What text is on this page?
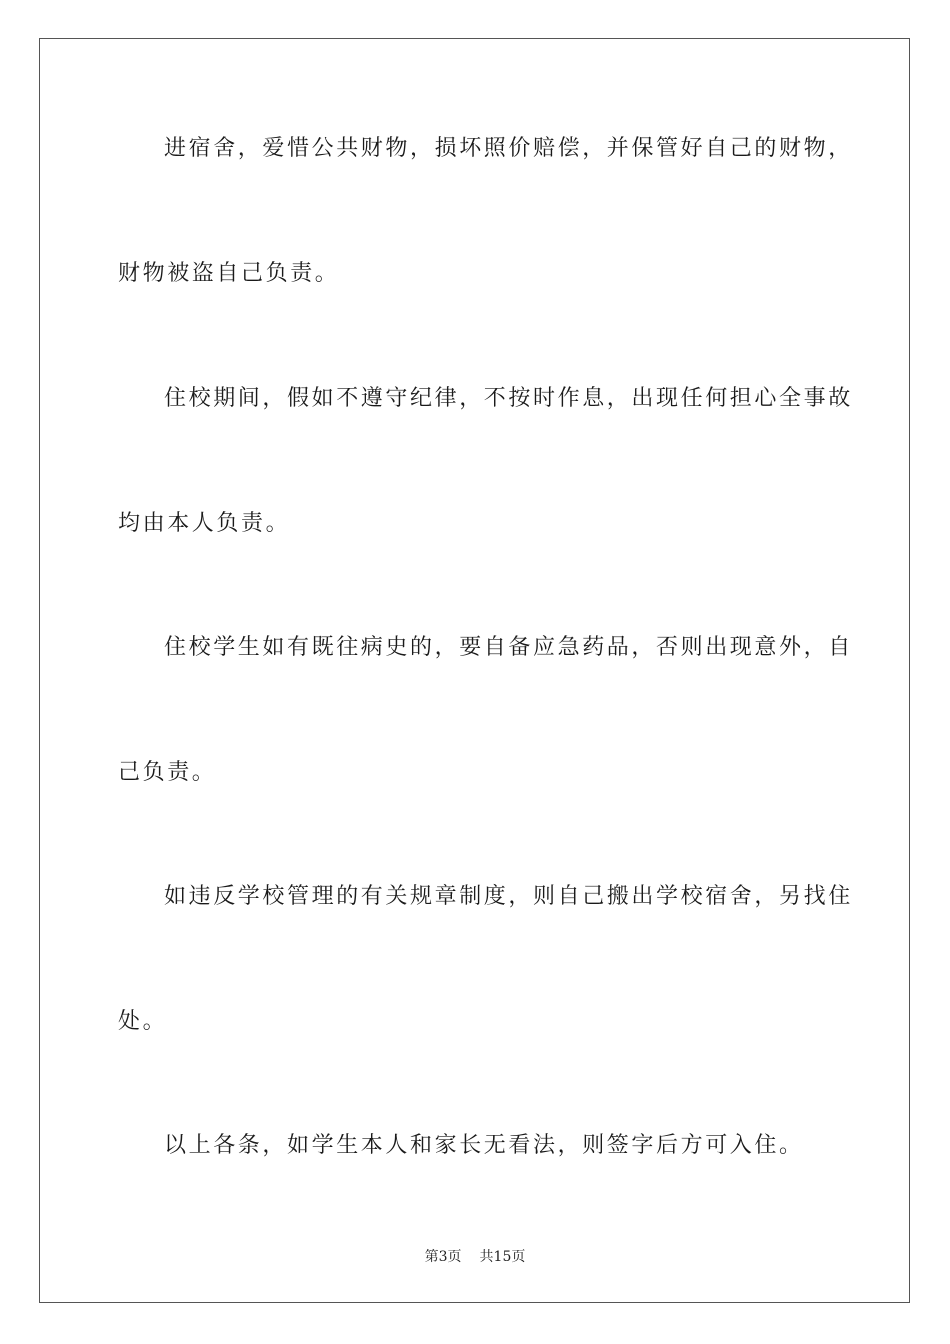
进宿舍，爱惜公共财物，损坏照价赔偿，并保管好自己的财物，
财物被盗自己负责。
住校期间，假如不遵守纪律，不按时作息，出现任何担心全事故
均由本人负责。
住校学生如有既往病史的，要自备应急药品，否则出现意外，自
己负责。
如违反学校管理的有关规章制度，则自己搬出学校宿舍，另找住
处。
以上各条，如学生本人和家长无看法，则签字后方可入住。
第3页 共15页
